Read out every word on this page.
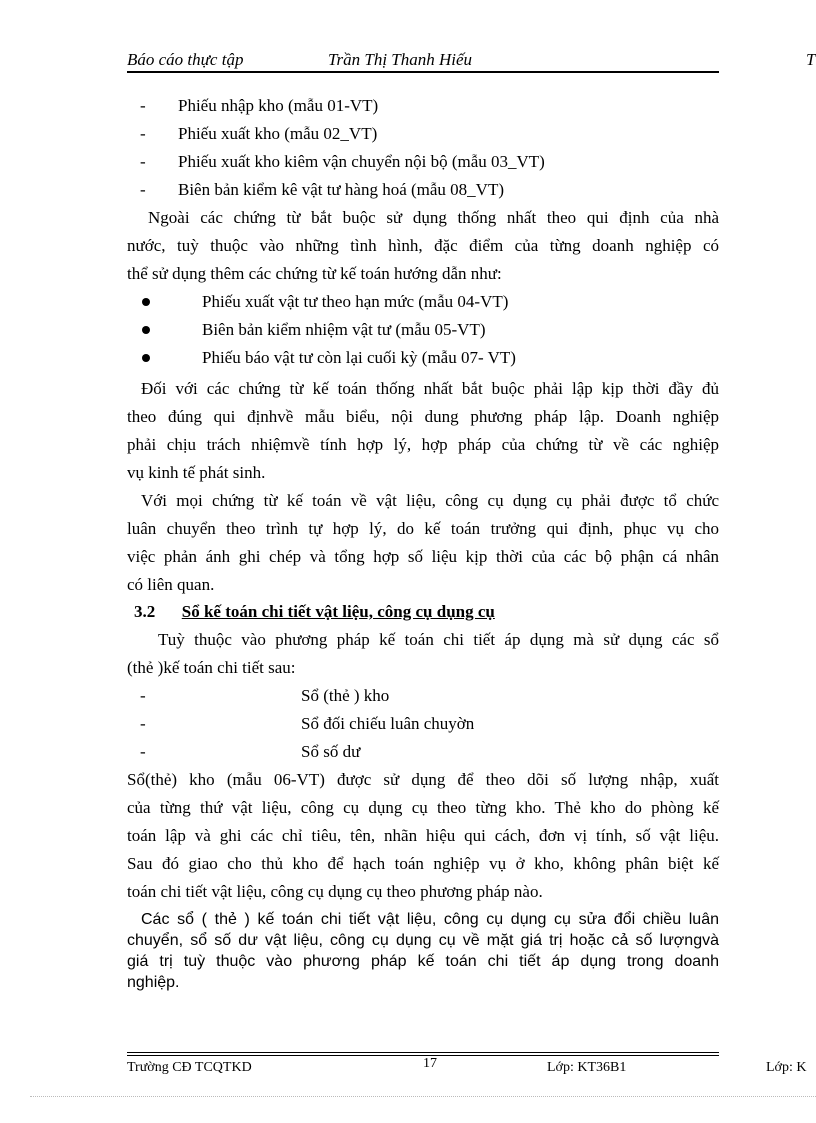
Báo cáo thực tập	Trần Thị Thanh Hiếu	T
- Phiếu nhập kho (mẫu 01-VT)
- Phiếu xuất kho (mẫu 02_VT)
- Phiếu xuất kho kiêm vận chuyển nội bộ (mẫu 03_VT)
- Biên bản kiểm kê vật tư hàng hoá (mẫu 08_VT)
Ngoài các chứng từ bắt buộc sử dụng thống nhất theo qui định của nhà
nước, tuỳ thuộc vào những tình hình, đặc điểm của từng doanh nghiệp có
thể sử dụng thêm các chứng từ kế toán hướng dẫn như:
Phiếu xuất vật tư theo hạn mức (mẫu 04-VT)
Biên bản kiểm nhiệm vật tư (mẫu 05-VT)
Phiếu báo vật tư còn lại cuối kỳ (mẫu 07- VT)
Đối với các chứng từ kế toán thống nhất bắt buộc phải lập kịp thời đầy đủ
theo đúng qui địnhvề mẫu biểu, nội dung phương pháp lập. Doanh nghiệp
phải chịu trách nhiệmvề tính hợp lý, hợp pháp của chứng từ về các nghiệp
vụ kinh tế phát sinh.
Với mọi chứng từ kế toán về vật liệu, công cụ dụng cụ phải được tổ chức
luân chuyển theo trình tự hợp lý, do kế toán trưởng qui định, phục vụ cho
việc phản ánh ghi chép và tổng hợp số liệu kịp thời của các bộ phận cá nhân
có liên quan.
3.2 Sổ kế toán chi tiết vật liệu, công cụ dụng cụ
Tuỳ thuộc vào phương pháp kế toán chi tiết áp dụng mà sử dụng các sổ
(thẻ )kế toán chi tiết sau:
-	Sổ (thẻ ) kho
-	Sổ đối chiếu luân chuyờn
-	Sổ số dư
Sổ(thẻ) kho (mẫu 06-VT) được sử dụng để theo dõi số lượng nhập, xuất
của từng thứ vật liệu, công cụ dụng cụ theo từng kho. Thẻ kho do phòng kế
toán lập và ghi các chỉ tiêu, tên, nhãn hiệu qui cách, đơn vị tính, số vật liệu.
Sau đó giao cho thủ kho để hạch toán nghiệp vụ ở kho, không phân biệt kế
toán chi tiết vật liệu, công cụ dụng cụ theo phương pháp nào.
Các sổ ( thẻ ) kế toán chi tiết vật liệu, công cụ dụng cụ sửa đổi chiều luân
chuyển, sổ số dư vật liệu, công cụ dụng cụ về mặt giá trị hoặc cả số lượngvà
giá trị tuỳ thuộc vào phương pháp kế toán chi tiết áp dụng trong doanh
nghiệp.
Trường CĐ TCQTKD	17	Lớp: KT36B1	Lớp: K
